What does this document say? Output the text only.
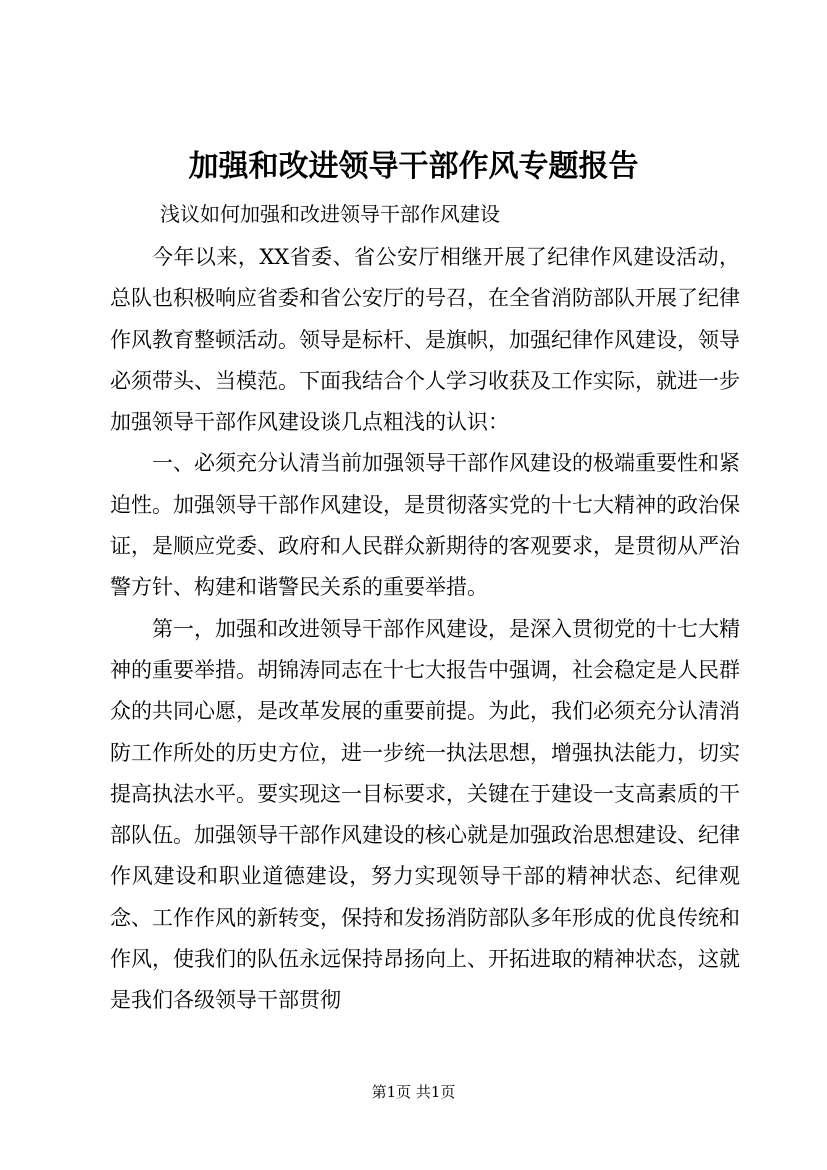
加强和改进领导干部作风专题报告
浅议如何加强和改进领导干部作风建设

今年以来，XX省委、省公安厅相继开展了纪律作风建设活动，总队也积极响应省委和省公安厅的号召，在全省消防部队开展了纪律作风教育整顿活动。领导是标杆、是旗帜，加强纪律作风建设，领导必须带头、当模范。下面我结合个人学习收获及工作实际，就进一步加强领导干部作风建设谈几点粗浅的认识：

一、必须充分认清当前加强领导干部作风建设的极端重要性和紧迫性。加强领导干部作风建设，是贯彻落实党的十七大精神的政治保证，是顺应党委、政府和人民群众新期待的客观要求，是贯彻从严治警方针、构建和谐警民关系的重要举措。

第一，加强和改进领导干部作风建设，是深入贯彻党的十七大精神的重要举措。胡锦涛同志在十七大报告中强调，社会稳定是人民群众的共同心愿，是改革发展的重要前提。为此，我们必须充分认清消防工作所处的历史方位，进一步统一执法思想，增强执法能力，切实提高执法水平。要实现这一目标要求，关键在于建设一支高素质的干部队伍。加强领导干部作风建设的核心就是加强政治思想建设、纪律作风建设和职业道德建设，努力实现领导干部的精神状态、纪律观念、工作作风的新转变，保持和发扬消防部队多年形成的优良传统和作风，使我们的队伍永远保持昂扬向上、开拓进取的精神状态，这就是我们各级领导干部贯彻

第1页 共1页
